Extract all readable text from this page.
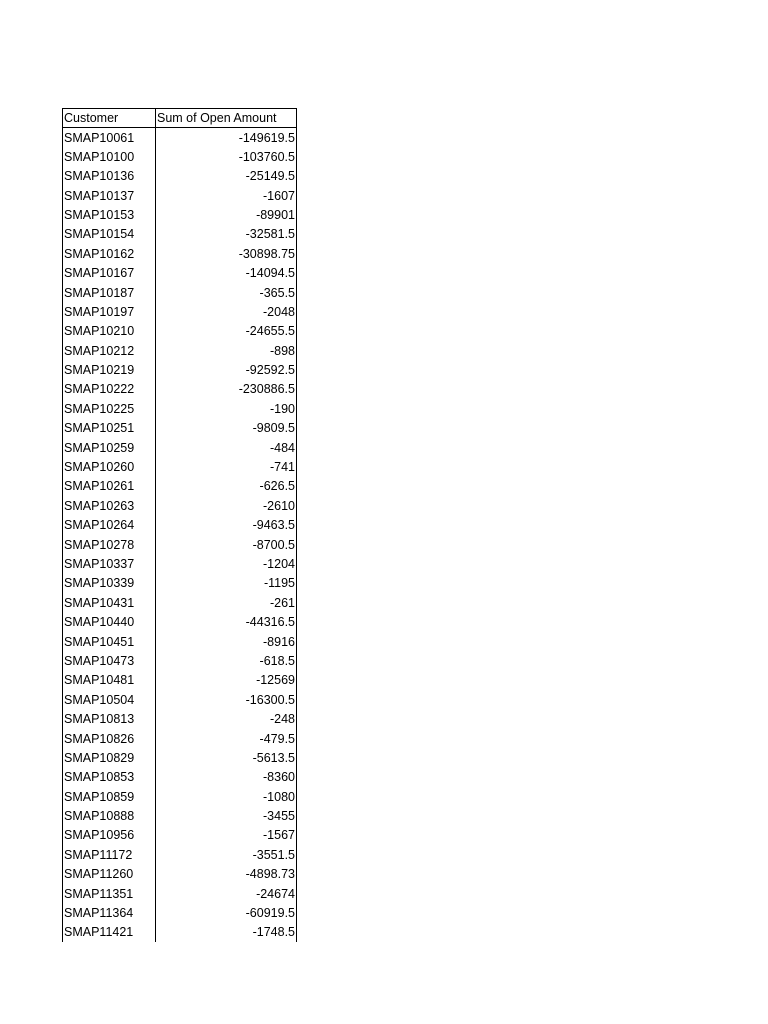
Customer	Sum of Open Amount
SMAP10061	-149619.5
SMAP10100	-103760.5
SMAP10136	-25149.5
SMAP10137	-1607
SMAP10153	-89901
SMAP10154	-32581.5
SMAP10162	-30898.75
SMAP10167	-14094.5
SMAP10187	-365.5
SMAP10197	-2048
SMAP10210	-24655.5
SMAP10212	-898
SMAP10219	-92592.5
SMAP10222	-230886.5
SMAP10225	-190
SMAP10251	-9809.5
SMAP10259	-484
SMAP10260	-741
SMAP10261	-626.5
SMAP10263	-2610
SMAP10264	-9463.5
SMAP10278	-8700.5
SMAP10337	-1204
SMAP10339	-1195
SMAP10431	-261
SMAP10440	-44316.5
SMAP10451	-8916
SMAP10473	-618.5
SMAP10481	-12569
SMAP10504	-16300.5
SMAP10813	-248
SMAP10826	-479.5
SMAP10829	-5613.5
SMAP10853	-8360
SMAP10859	-1080
SMAP10888	-3455
SMAP10956	-1567
SMAP11172	-3551.5
SMAP11260	-4898.73
SMAP11351	-24674
SMAP11364	-60919.5
SMAP11421	-1748.5
